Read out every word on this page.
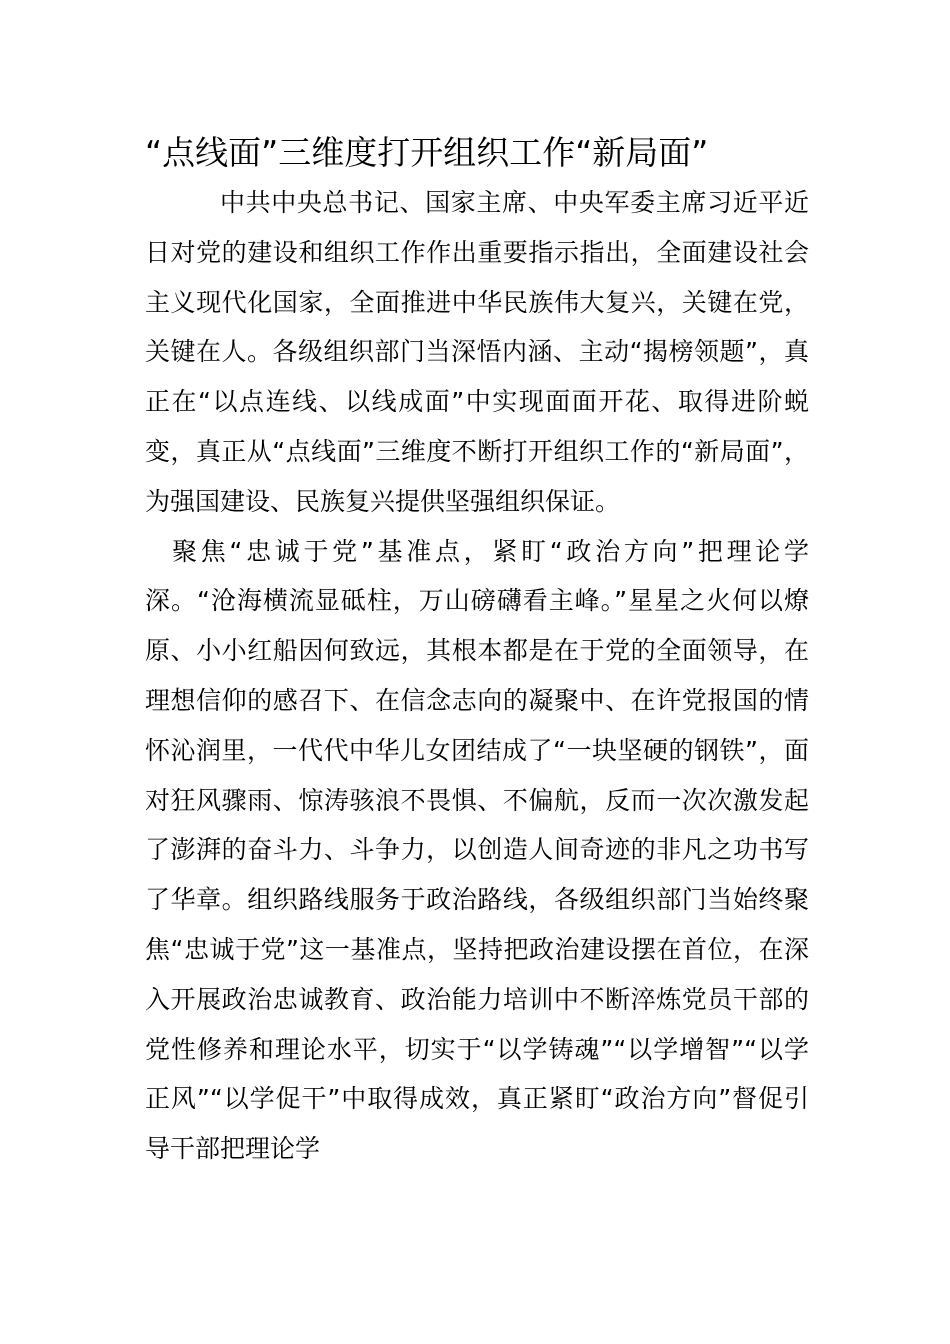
“点线面”三维度打开组织工作“新局面”

中共中央总书记、国家主席、中央军委主席习近平近日对党的建设和组织工作作出重要指示指出，全面建设社会主义现代化国家，全面推进中华民族伟大复兴，关键在党，关键在人。各级组织部门当深悟内涵、主动“揭榜领题”，真正在“以点连线、以线成面”中实现面面开花、取得进阶蜕变，真正从“点线面”三维度不断打开组织工作的“新局面”，为强国建设、民族复兴提供坚强组织保证。

聚焦“忠诚于党”基准点，紧盯“政治方向”把理论学深。“沧海横流显砥柱，万山磅礴看主峰。”星星之火何以燎原、小小红船因何致远，其根本都是在于党的全面领导，在理想信仰的感召下、在信念志向的凝聚中、在许党报国的情怀沁润里，一代代中华儿女团结成了“一块坚硬的钢铁”，面对狂风骤雨、惊涛骇浪不畏惧、不偏航，反而一次次激发起了澎湃的奋斗力、斗争力，以创造人间奇迹的非凡之功书写了华章。组织路线服务于政治路线，各级组织部门当始终聚焦“忠诚于党”这一基准点，坚持把政治建设摆在首位，在深入开展政治忠诚教育、政治能力培训中不断淬炼党员干部的党性修养和理论水平，切实于“以学铸魂”“以学增智”“以学正风”“以学促干”中取得成效，真正紧盯“政治方向”督促引导干部把理论学
